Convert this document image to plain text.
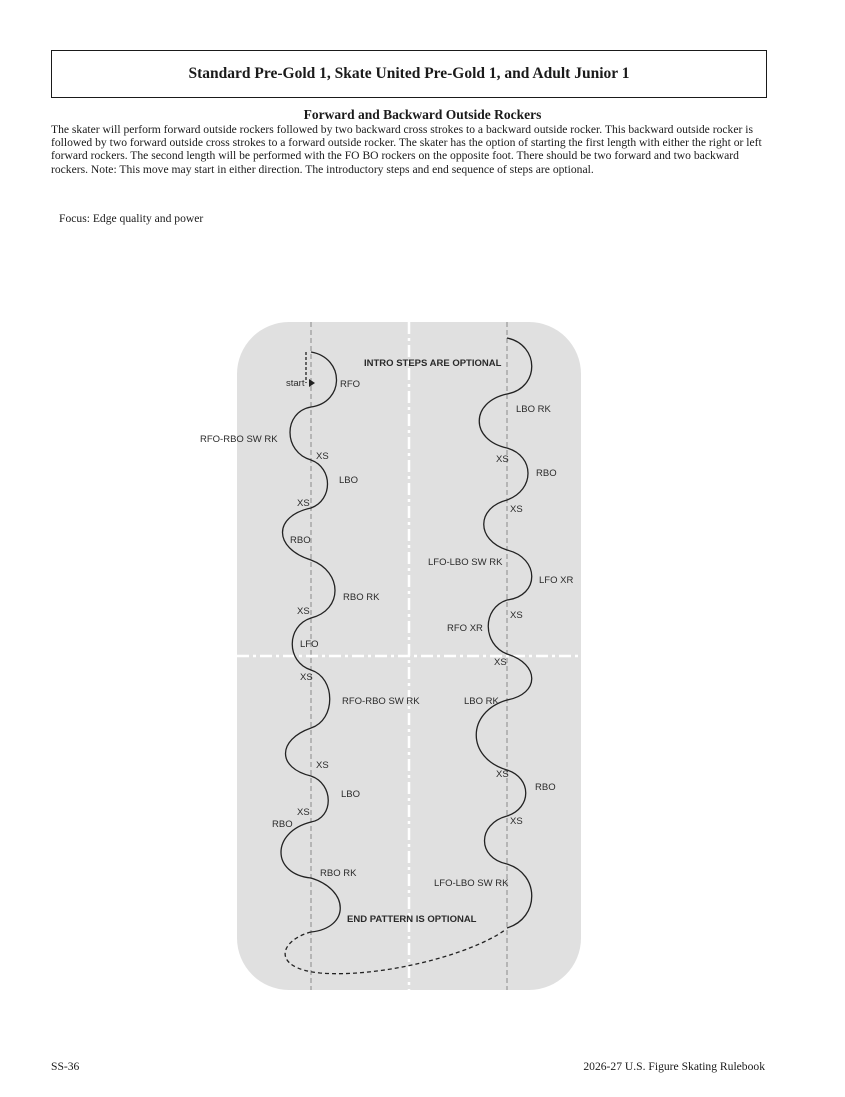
Standard Pre-Gold 1, Skate United Pre-Gold 1, and Adult Junior 1
Forward and Backward Outside Rockers

The skater will perform forward outside rockers followed by two backward cross strokes to a backward outside rocker. This backward outside rocker is followed by two forward outside cross strokes to a forward outside rocker. The skater has the option of starting the first length with either the right or left forward rockers. The second length will be performed with the FO BO rockers on the opposite foot. There should be two forward and two backward rockers. Note: This move may start in either direction. The introductory steps and end sequence of steps are optional.

Focus: Edge quality and power

INTRO STEPS ARE OPTIONAL
END PATTERN IS OPTIONAL
start	RFO
RFO-RBO SW RK
XS
LBO
XS
RBO
RBO RK
XS
LFO
XS
RFO-RBO SW RK
XS
LBO
XS
RBO
RBO RK
LBO RK
XS
RBO
XS
LFO-LBO SW RK
LFO XR
XS
RFO XR
XS
LBO RK
XS
RBO
XS
LFO-LBO SW RK
SS-36	2026-27 U.S. Figure Skating Rulebook
